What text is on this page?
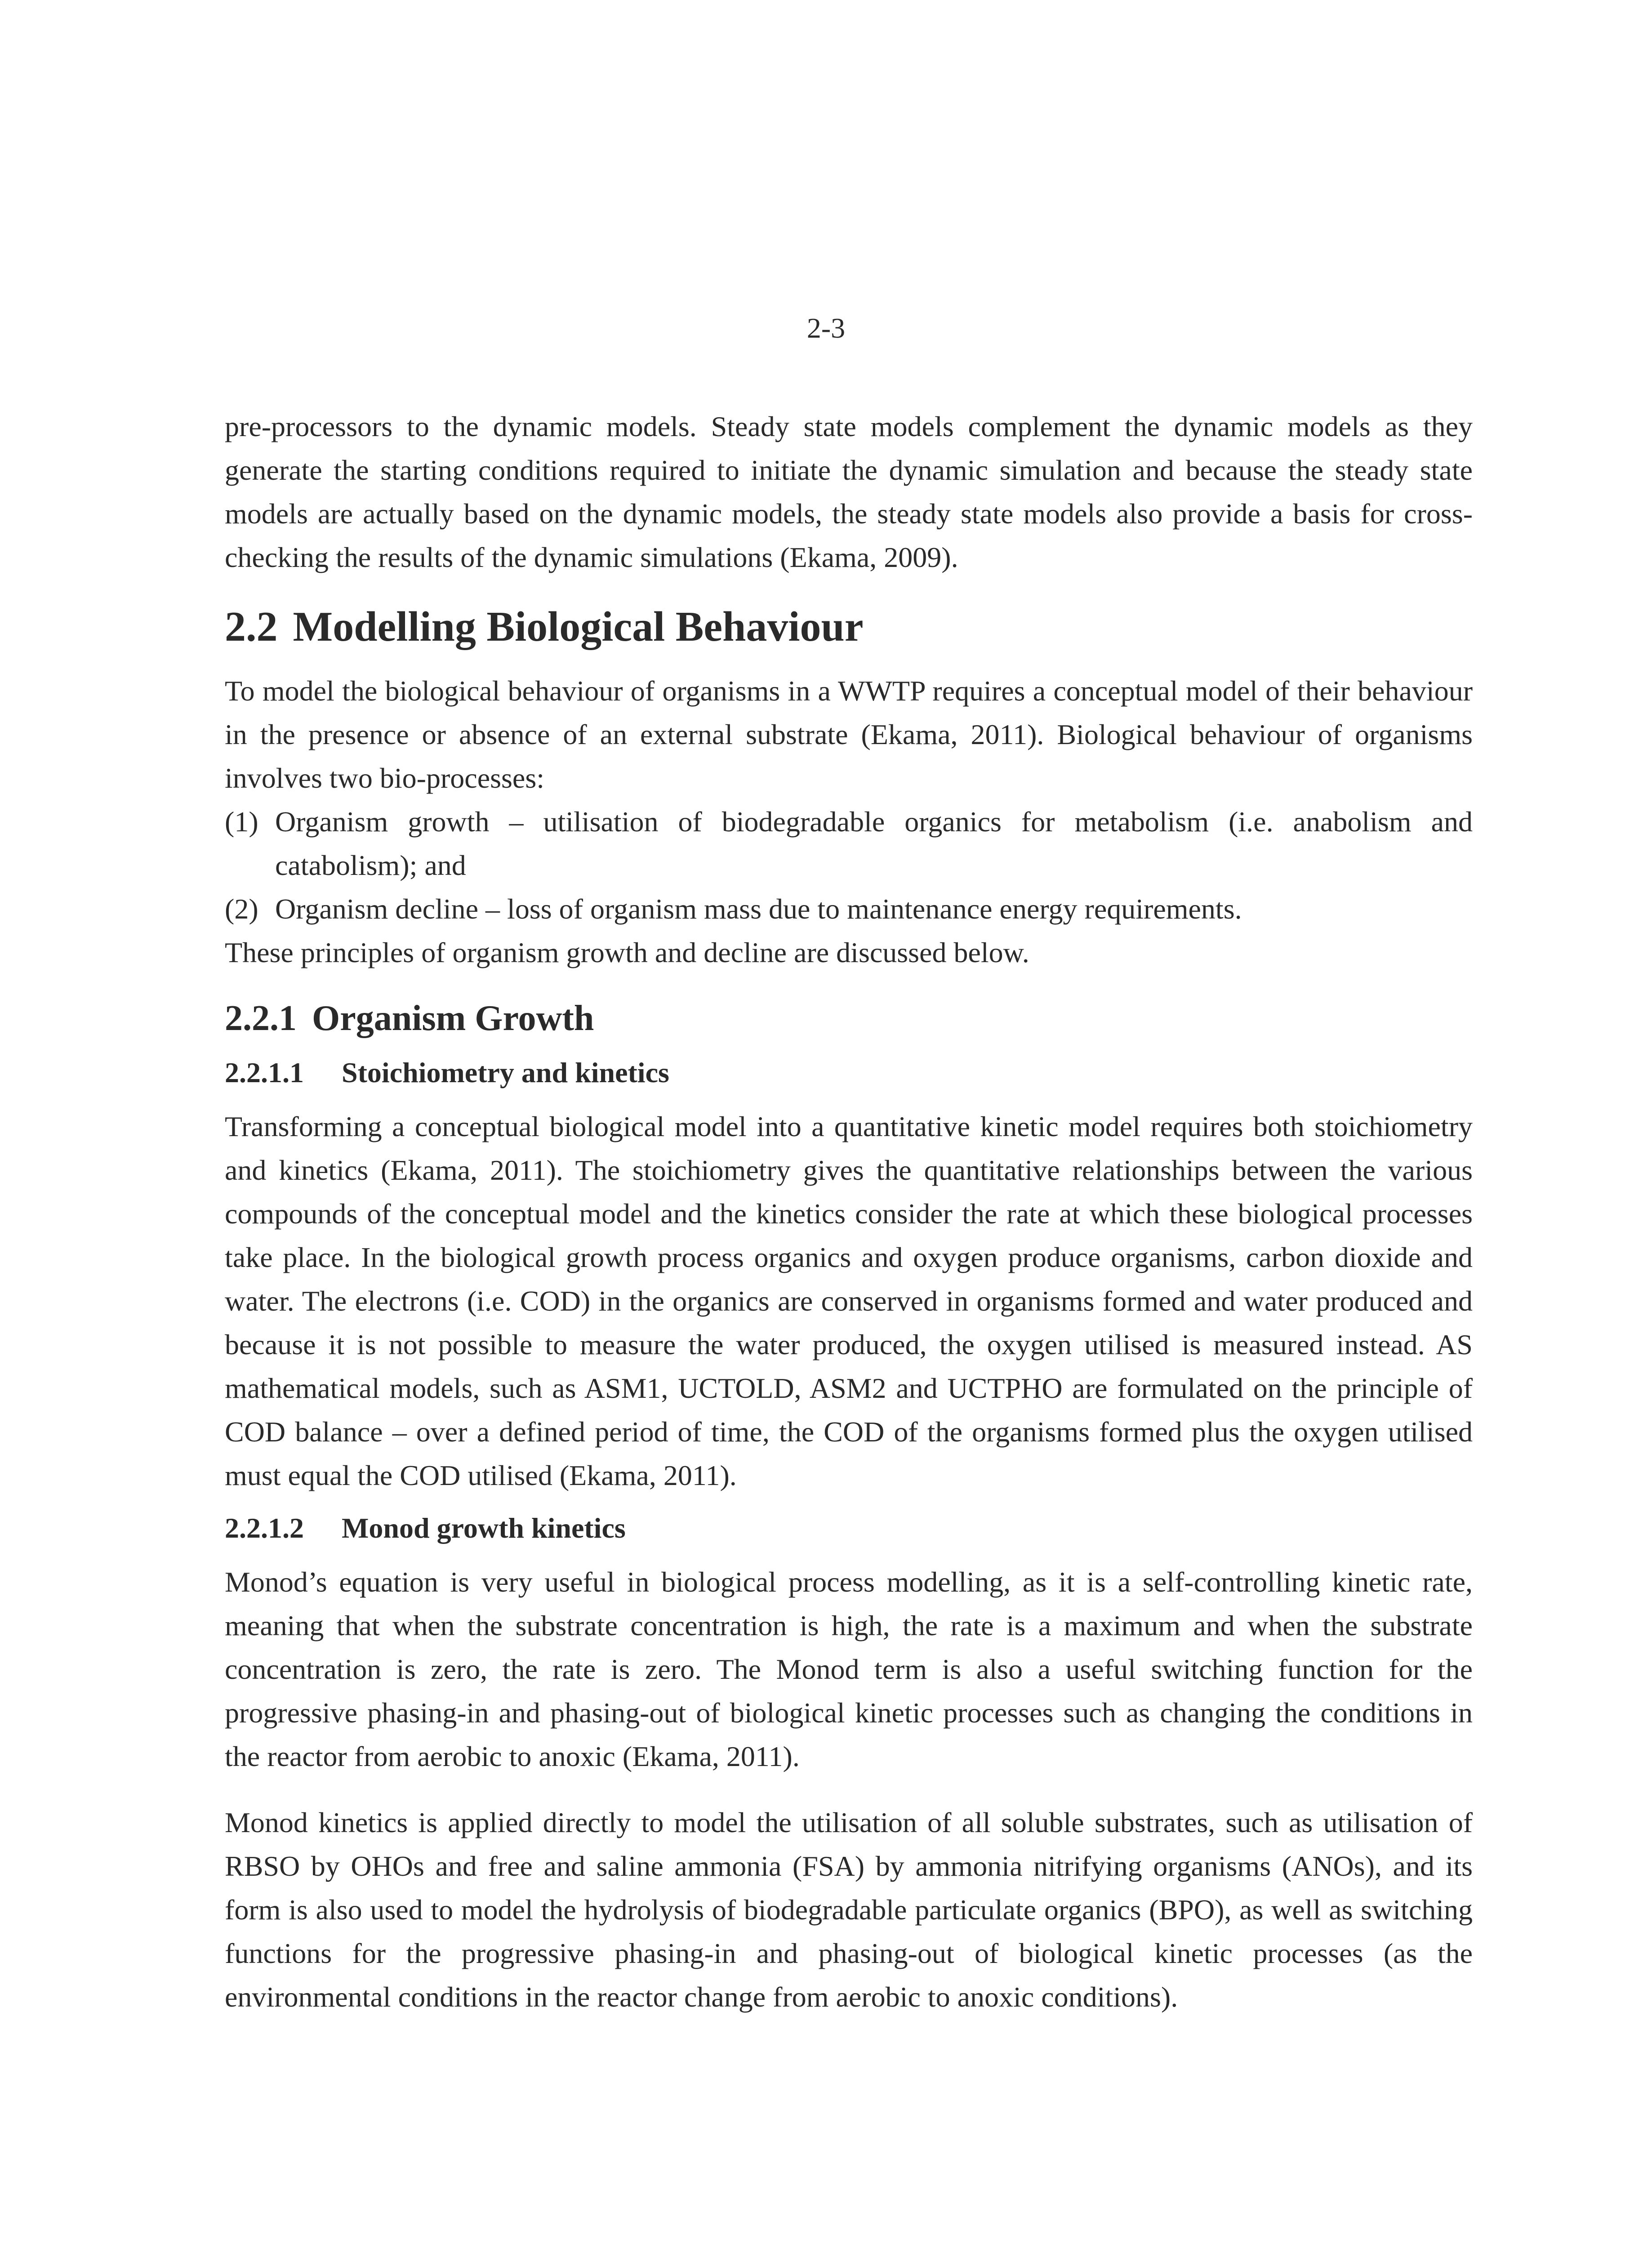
2-3

pre-processors to the dynamic models. Steady state models complement the dynamic models as they generate the starting conditions required to initiate the dynamic simulation and because the steady state models are actually based on the dynamic models, the steady state models also provide a basis for cross-checking the results of the dynamic simulations (Ekama, 2009).

2.2 Modelling Biological Behaviour

To model the biological behaviour of organisms in a WWTP requires a conceptual model of their behaviour in the presence or absence of an external substrate (Ekama, 2011). Biological behaviour of organisms involves two bio-processes:

(1) Organism growth – utilisation of biodegradable organics for metabolism (i.e. anabolism and catabolism); and
(2) Organism decline – loss of organism mass due to maintenance energy requirements.

These principles of organism growth and decline are discussed below.

2.2.1 Organism Growth
2.2.1.1 Stoichiometry and kinetics

Transforming a conceptual biological model into a quantitative kinetic model requires both stoichiometry and kinetics (Ekama, 2011). The stoichiometry gives the quantitative relationships between the various compounds of the conceptual model and the kinetics consider the rate at which these biological processes take place. In the biological growth process organics and oxygen produce organisms, carbon dioxide and water. The electrons (i.e. COD) in the organics are conserved in organisms formed and water produced and because it is not possible to measure the water produced, the oxygen utilised is measured instead. AS mathematical models, such as ASM1, UCTOLD, ASM2 and UCTPHO are formulated on the principle of COD balance – over a defined period of time, the COD of the organisms formed plus the oxygen utilised must equal the COD utilised (Ekama, 2011).

2.2.1.2 Monod growth kinetics

Monod’s equation is very useful in biological process modelling, as it is a self-controlling kinetic rate, meaning that when the substrate concentration is high, the rate is a maximum and when the substrate concentration is zero, the rate is zero. The Monod term is also a useful switching function for the progressive phasing-in and phasing-out of biological kinetic processes such as changing the conditions in the reactor from aerobic to anoxic (Ekama, 2011).

Monod kinetics is applied directly to model the utilisation of all soluble substrates, such as utilisation of RBSO by OHOs and free and saline ammonia (FSA) by ammonia nitrifying organisms (ANOs), and its form is also used to model the hydrolysis of biodegradable particulate organics (BPO), as well as switching functions for the progressive phasing-in and phasing-out of biological kinetic processes (as the environmental conditions in the reactor change from aerobic to anoxic conditions).
